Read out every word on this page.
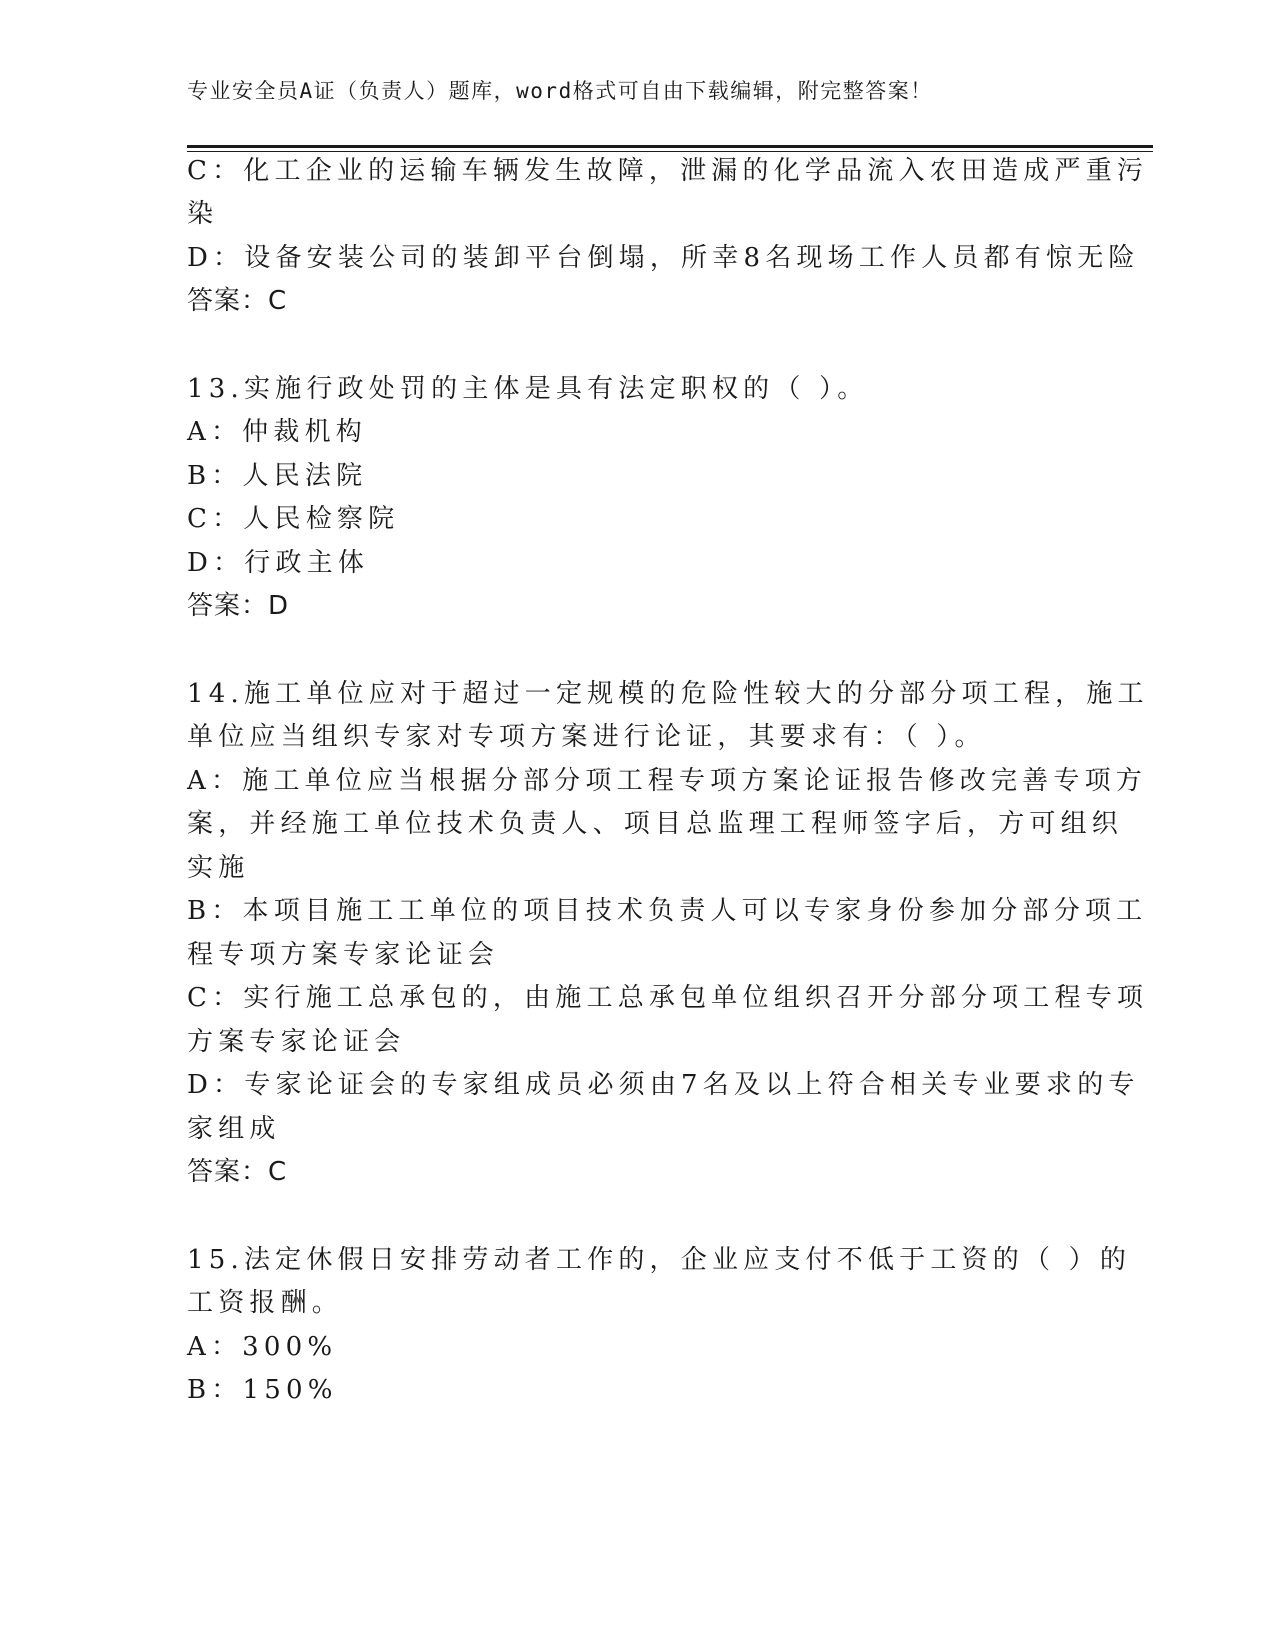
专业安全员A证（负责人）题库，word格式可自由下载编辑，附完整答案！
C：化工企业的运输车辆发生故障，泄漏的化学品流入农田造成严重污
染
D：设备安装公司的装卸平台倒塌，所幸8名现场工作人员都有惊无险
答案：C
13.实施行政处罚的主体是具有法定职权的（ ）。
A：仲裁机构
B：人民法院
C：人民检察院
D：行政主体
答案：D
14.施工单位应对于超过一定规模的危险性较大的分部分项工程，施工
单位应当组织专家对专项方案进行论证，其要求有：（ ）。
A：施工单位应当根据分部分项工程专项方案论证报告修改完善专项方
案，并经施工单位技术负责人、项目总监理工程师签字后，方可组织
实施
B：本项目施工工单位的项目技术负责人可以专家身份参加分部分项工
程专项方案专家论证会
C：实行施工总承包的，由施工总承包单位组织召开分部分项工程专项
方案专家论证会
D：专家论证会的专家组成员必须由7名及以上符合相关专业要求的专
家组成
答案：C
15.法定休假日安排劳动者工作的，企业应支付不低于工资的（ ）的
工资报酬。
A：300%
B：150%
